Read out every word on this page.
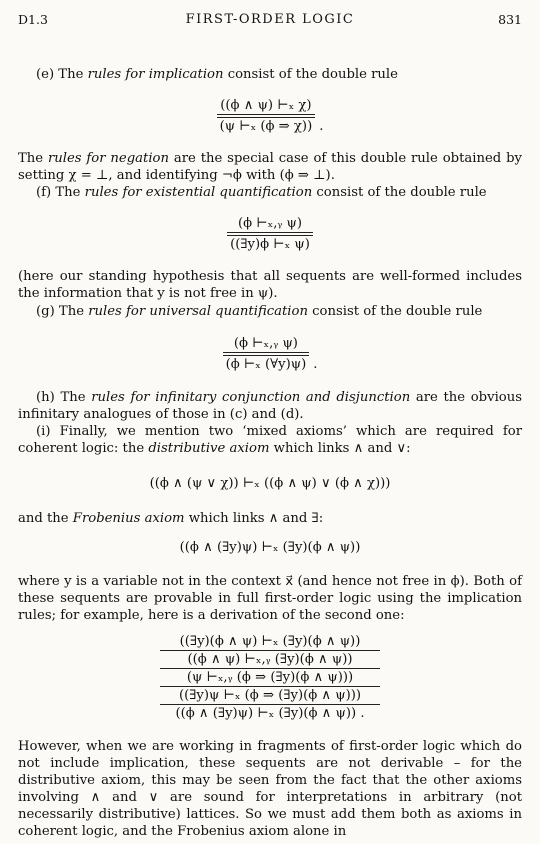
D1.3	FIRST-ORDER LOGIC	831

(e) The rules for implication consist of the double rule

$\frac{\text{((ϕ ∧ ψ) ⊢ₓ χ)}}{\text{(ψ ⊢ₓ (ϕ ⇒ χ))}}$ .

The rules for negation are the special case of this double rule obtained by setting χ = ⊥, and identifying ¬ϕ with (ϕ ⇒ ⊥).

(f) The rules for existential quantification consist of the double rule

$\frac{\text{(ϕ ⊢ₓ,ᵧ ψ)}}{\text{((∃y)ϕ ⊢ₓ ψ)}}$

(here our standing hypothesis that all sequents are well-formed includes the information that y is not free in ψ).

(g) The rules for universal quantification consist of the double rule

$\frac{\text{(ϕ ⊢ₓ,ᵧ ψ)}}{\text{(ϕ ⊢ₓ (∀y)ψ)}}$ .

(h) The rules for infinitary conjunction and disjunction are the obvious infinitary analogues of those in (c) and (d).

(i) Finally, we mention two ‘mixed axioms’ which are required for coherent logic: the distributive axiom which links ∧ and ∨:

((ϕ ∧ (ψ ∨ χ)) ⊢ₓ ((ϕ ∧ ψ) ∨ (ϕ ∧ χ)))

and the Frobenius axiom which links ∧ and ∃:

((ϕ ∧ (∃y)ψ) ⊢ₓ (∃y)(ϕ ∧ ψ))

where y is a variable not in the context x⃗ (and hence not free in ϕ). Both of these sequents are provable in full first-order logic using the implication rules; for example, here is a derivation of the second one:

((∃y)(ϕ ∧ ψ) ⊢ₓ (∃y)(ϕ ∧ ψ))
((ϕ ∧ ψ) ⊢ₓ,ᵧ (∃y)(ϕ ∧ ψ))
(ψ ⊢ₓ,ᵧ (ϕ ⇒ (∃y)(ϕ ∧ ψ)))
((∃y)ψ ⊢ₓ (ϕ ⇒ (∃y)(ϕ ∧ ψ)))
((ϕ ∧ (∃y)ψ) ⊢ₓ (∃y)(ϕ ∧ ψ)) .

However, when we are working in fragments of first-order logic which do not include implication, these sequents are not derivable – for the distributive axiom, this may be seen from the fact that the other axioms involving ∧ and ∨ are sound for interpretations in arbitrary (not necessarily distributive) lattices. So we must add them both as axioms in coherent logic, and the Frobenius axiom alone in
